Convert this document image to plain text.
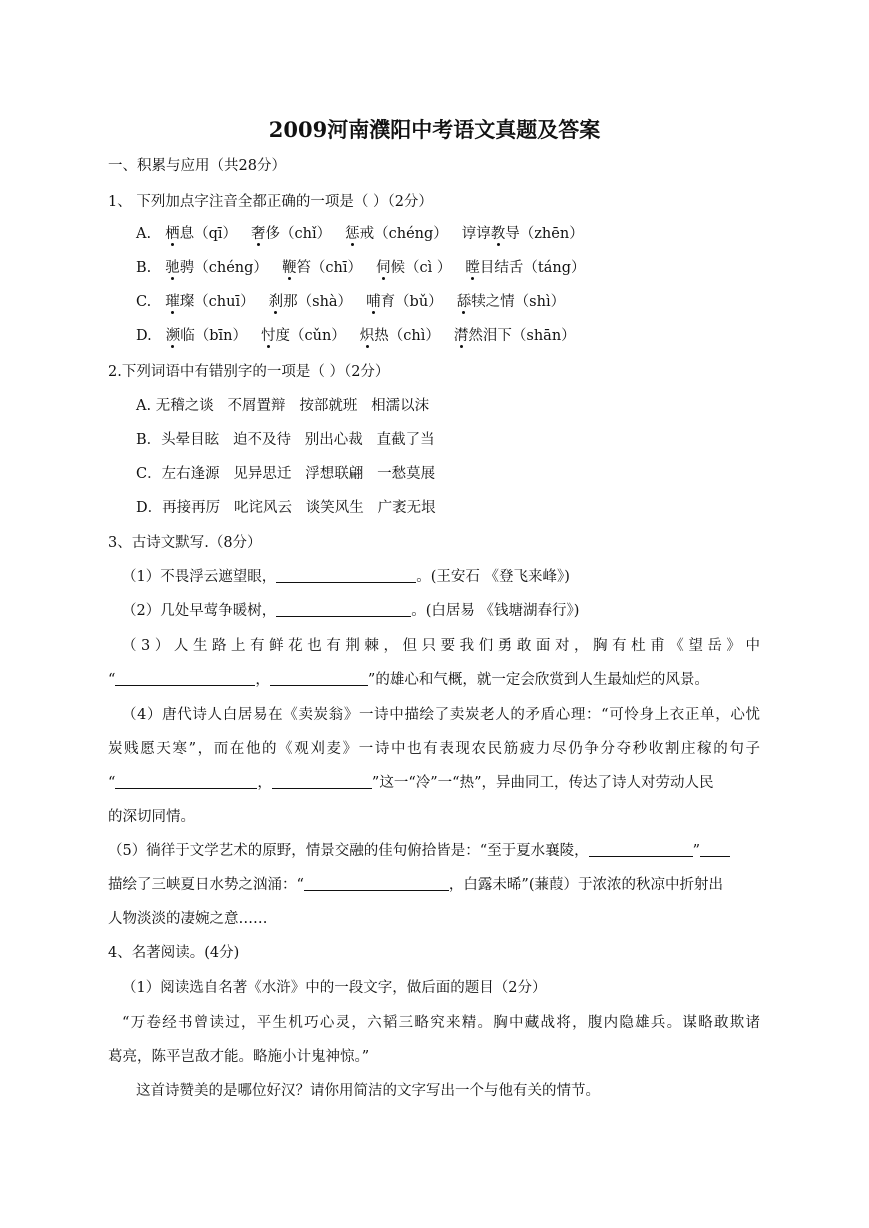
2009河南濮阳中考语文真题及答案
一、积累与应用（共28分）
1、 下列加点字注音全都正确的一项是（ ）（2分）
A. 栖息（qī） 奢侈（chǐ） 惩戒（chéng） 谆谆教导（zhēn）
B. 驰骋（chéng） 鞭笞（chī） 伺候（cì ） 瞠目结舌（táng）
C. 璀璨（chuī） 刹那（shà） 哺育（bǔ） 舔犊之情（shì）
D. 濒临（bīn） 忖度（cǔn） 炽热（chì） 潸然泪下（shān）
2.下列词语中有错别字的一项是（ ）（2分）
A. 无稽之谈   不屑置辩   按部就班   相濡以沫
B．头晕目眩   迫不及待   别出心裁   直截了当
C．左右逢源   见异思迁   浮想联翩   一愁莫展
D．再接再厉   叱诧风云   谈笑风生   广袤无垠
3、古诗文默写.（8分）
（1）不畏浮云遮望眼，	。(王安石 《登飞来峰》)
（2）几处早莺争暖树，	。(白居易 《钱塘湖春行》)
（3）人生路上有鲜花也有荆棘，但只要我们勇敢面对，胸有杜甫《望岳》中
“	，	”的雄心和气概，就一定会欣赏到人生最灿烂的风景。
（4）唐代诗人白居易在《卖炭翁》一诗中描绘了卖炭老人的矛盾心理：“可怜身上衣正单，心忧
炭贱愿天寒”，而在他的《观刈麦》一诗中也有表现农民筋疲力尽仍争分夺秒收割庄稼的句子
“	，	”这一“冷”一“热”，异曲同工，传达了诗人对劳动人民
的深切同情。
（5）徜徉于文学艺术的原野，情景交融的佳句俯拾皆是：“至于夏水襄陵，	”
描绘了三峡夏日水势之汹涌：“	，白露未晞”(蒹葭）于浓浓的秋凉中折射出
人物淡淡的凄婉之意……
4、名著阅读。(4分)
（1）阅读选自名著《水浒》中的一段文字，做后面的题目（2分）
“万卷经书曾读过，平生机巧心灵，六韬三略究来精。胸中藏战将，腹内隐雄兵。谋略敢欺诸
葛亮，陈平岂敌才能。略施小计鬼神惊。”
这首诗赞美的是哪位好汉？请你用简洁的文字写出一个与他有关的情节。
